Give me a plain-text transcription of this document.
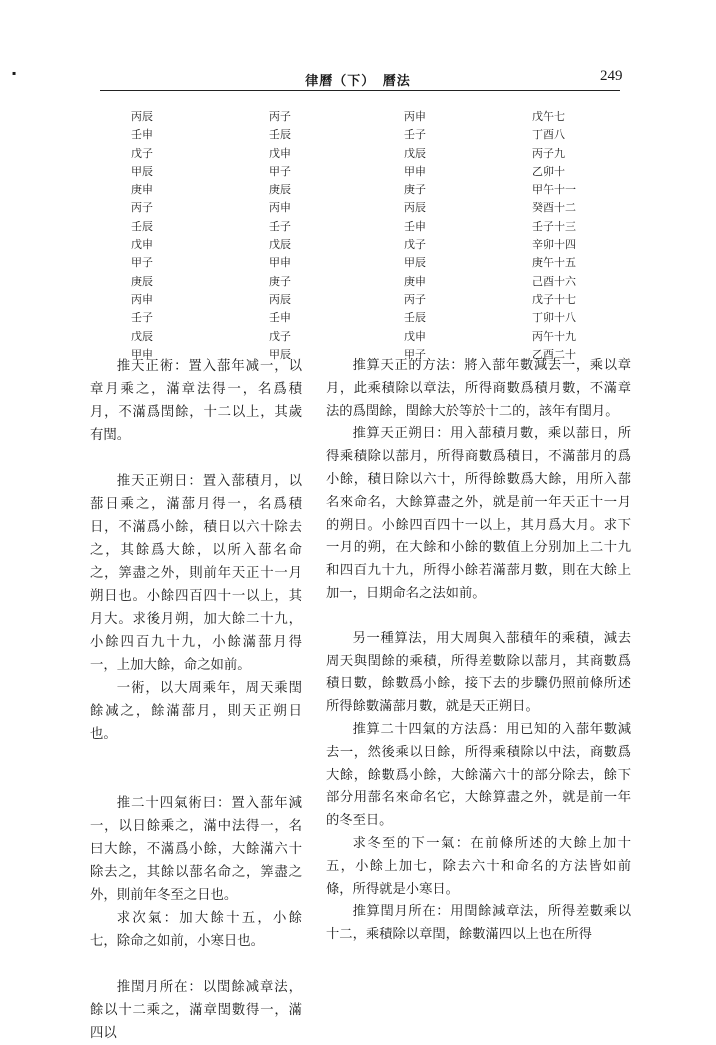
▪
律曆（下）　曆法	249
丙辰
壬申
戊子
甲辰
庚申
丙子
壬辰
戊申
甲子
庚辰
丙申
壬子
戊辰
甲申
丙子
壬辰
戊申
甲子
庚辰
丙申
壬子
戊辰
甲申
庚子
丙辰
壬申
戊子
甲辰
丙申
壬子
戊辰
甲申
庚子
丙辰
壬申
戊子
甲辰
庚申
丙子
壬辰
戊申
甲子
戊午七
丁酉八
丙子九
乙卯十
甲午十一
癸酉十二
壬子十三
辛卯十四
庚午十五
己酉十六
戊子十七
丁卯十八
丙午十九
乙酉二十

推天正術：置入蔀年减一，以章月乘之，滿章法得一，名爲積月，不滿爲閏餘，十二以上，其歲有閏。

推天正朔日：置入蔀積月，以蔀日乘之，滿蔀月得一，名爲積日，不滿爲小餘，積日以六十除去之，其餘爲大餘，以所入蔀名命之，筭盡之外，則前年天正十一月朔日也。小餘四百四十一以上，其月大。求後月朔，加大餘二十九，小餘四百九十九，小餘滿蔀月得一，上加大餘，命之如前。

一術，以大周乘年，周天乘閏餘减之，餘滿蔀月，則天正朔日也。

推二十四氣術曰：置入蔀年減一，以日餘乘之，滿中法得一，名曰大餘，不滿爲小餘，大餘滿六十除去之，其餘以蔀名命之，筭盡之外，則前年冬至之日也。

求次氣：加大餘十五，小餘七，除命之如前，小寒日也。

推閏月所在：以閏餘减章法，餘以十二乘之，滿章閏數得一，滿四以

推算天正的方法：將入蔀年數減去一，乘以章月，此乘積除以章法，所得商數爲積月數，不滿章法的爲閏餘，閏餘大於等於十二的，該年有閏月。

推算天正朔日：用入蔀積月數，乘以蔀日，所得乘積除以蔀月，所得商數爲積日，不滿蔀月的爲小餘，積日除以六十，所得餘數爲大餘，用所入蔀名來命名，大餘算盡之外，就是前一年天正十一月的朔日。小餘四百四十一以上，其月爲大月。求下一月的朔，在大餘和小餘的數值上分别加上二十九和四百九十九，所得小餘若滿蔀月數，則在大餘上加一，日期命名之法如前。

另一種算法，用大周與入蔀積年的乘積，減去周天與閏餘的乘積，所得差數除以蔀月，其商數爲積日數，餘數爲小餘，接下去的步驟仍照前條所述所得餘數滿蔀月數，就是天正朔日。

推算二十四氣的方法爲：用已知的入蔀年數減去一，然後乘以日餘，所得乘積除以中法，商數爲大餘，餘數爲小餘，大餘滿六十的部分除去，餘下部分用蔀名來命名它，大餘算盡之外，就是前一年的冬至日。

求冬至的下一氣：在前條所述的大餘上加十五，小餘上加七，除去六十和命名的方法皆如前條，所得就是小寒日。

推算閏月所在：用閏餘減章法，所得差數乘以十二，乘積除以章閏，餘數滿四以上也在所得
